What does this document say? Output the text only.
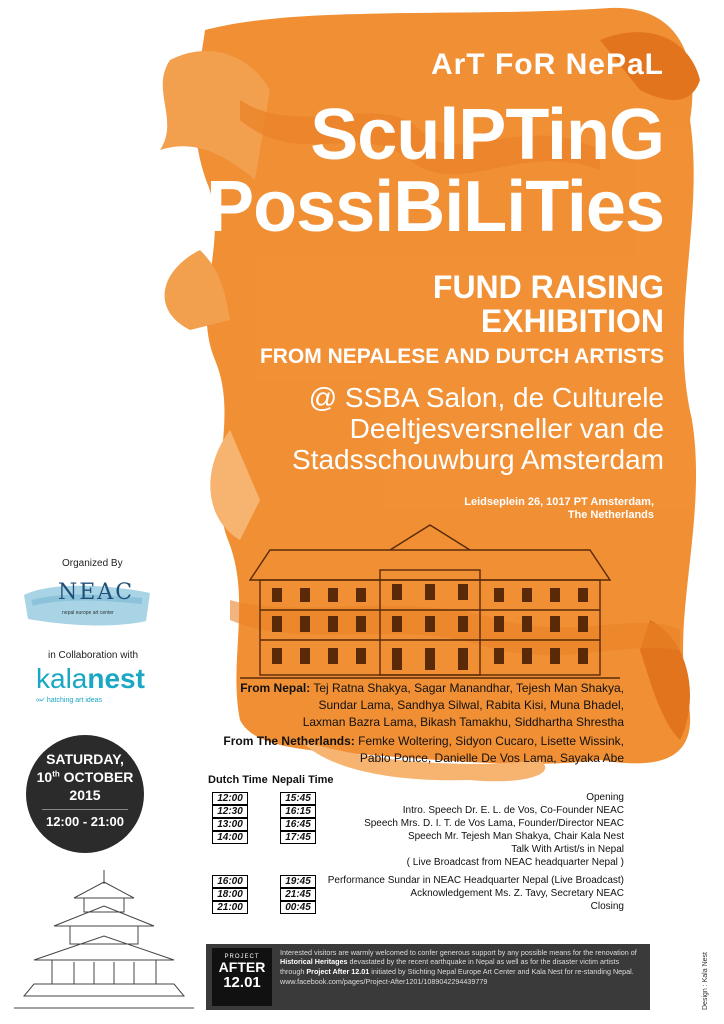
ArT FoR NePaL
SculPTinG
PossiBiLiTies
FUND RAISING
EXHIBITION
FROM NEPALESE AND DUTCH ARTISTS
@ SSBA Salon, de Culturele Deeltjesversneller van de Stadsschouwburg Amsterdam
Leidseplein 26, 1017 PT Amsterdam,
The Netherlands
From Nepal: Tej Ratna Shakya, Sagar Manandhar, Tejesh Man Shakya,
Sundar Lama, Sandhya Silwal, Rabita Kisi, Muna Bhadel,
Laxman Bazra Lama, Bikash Tamakhu, Siddhartha Shrestha
From The Netherlands: Femke Woltering, Sidyon Cucaro, Lisette Wissink,
Pablo Ponce, Danielle De Vos Lama, Sayaka Abe
Organized By
NEAC
nepal europe art center
in Collaboration with
kalanest
∞✓ hatching art ideas
SATURDAY,
10th OCTOBER
2015
12:00 - 21:00
Dutch Time Nepali Time
12:00	15:45	Opening
12:30	16:15	Intro. Speech Dr. E. L. de Vos, Co-Founder NEAC
13:00	16:45	Speech Mrs. D. I. T. de Vos Lama, Founder/Director NEAC
14:00	17:45	Speech Mr. Tejesh Man Shakya, Chair Kala Nest
Talk With Artist/s in Nepal
( Live Broadcast from NEAC headquarter Nepal )
16:00	19:45	Performance Sundar in NEAC Headquarter Nepal (Live Broadcast)
18:00	21:45	Acknowledgement Ms. Z. Tavy, Secretary NEAC
21:00	00:45	Closing
PROJECT
AFTER
12.01
Interested visitors are warmly welcomed to confer generous support by any possible means for the renovation of Historical Heritages devastated by the recent earthquake in Nepal as well as for the disaster victim artists through Project After 12.01 initiated by Stichting Nepal Europe Art Center and Kala Nest for re-standing Nepal.
www.facebook.com/pages/Project-After1201/1089042294439779	Design : Kala Nest
